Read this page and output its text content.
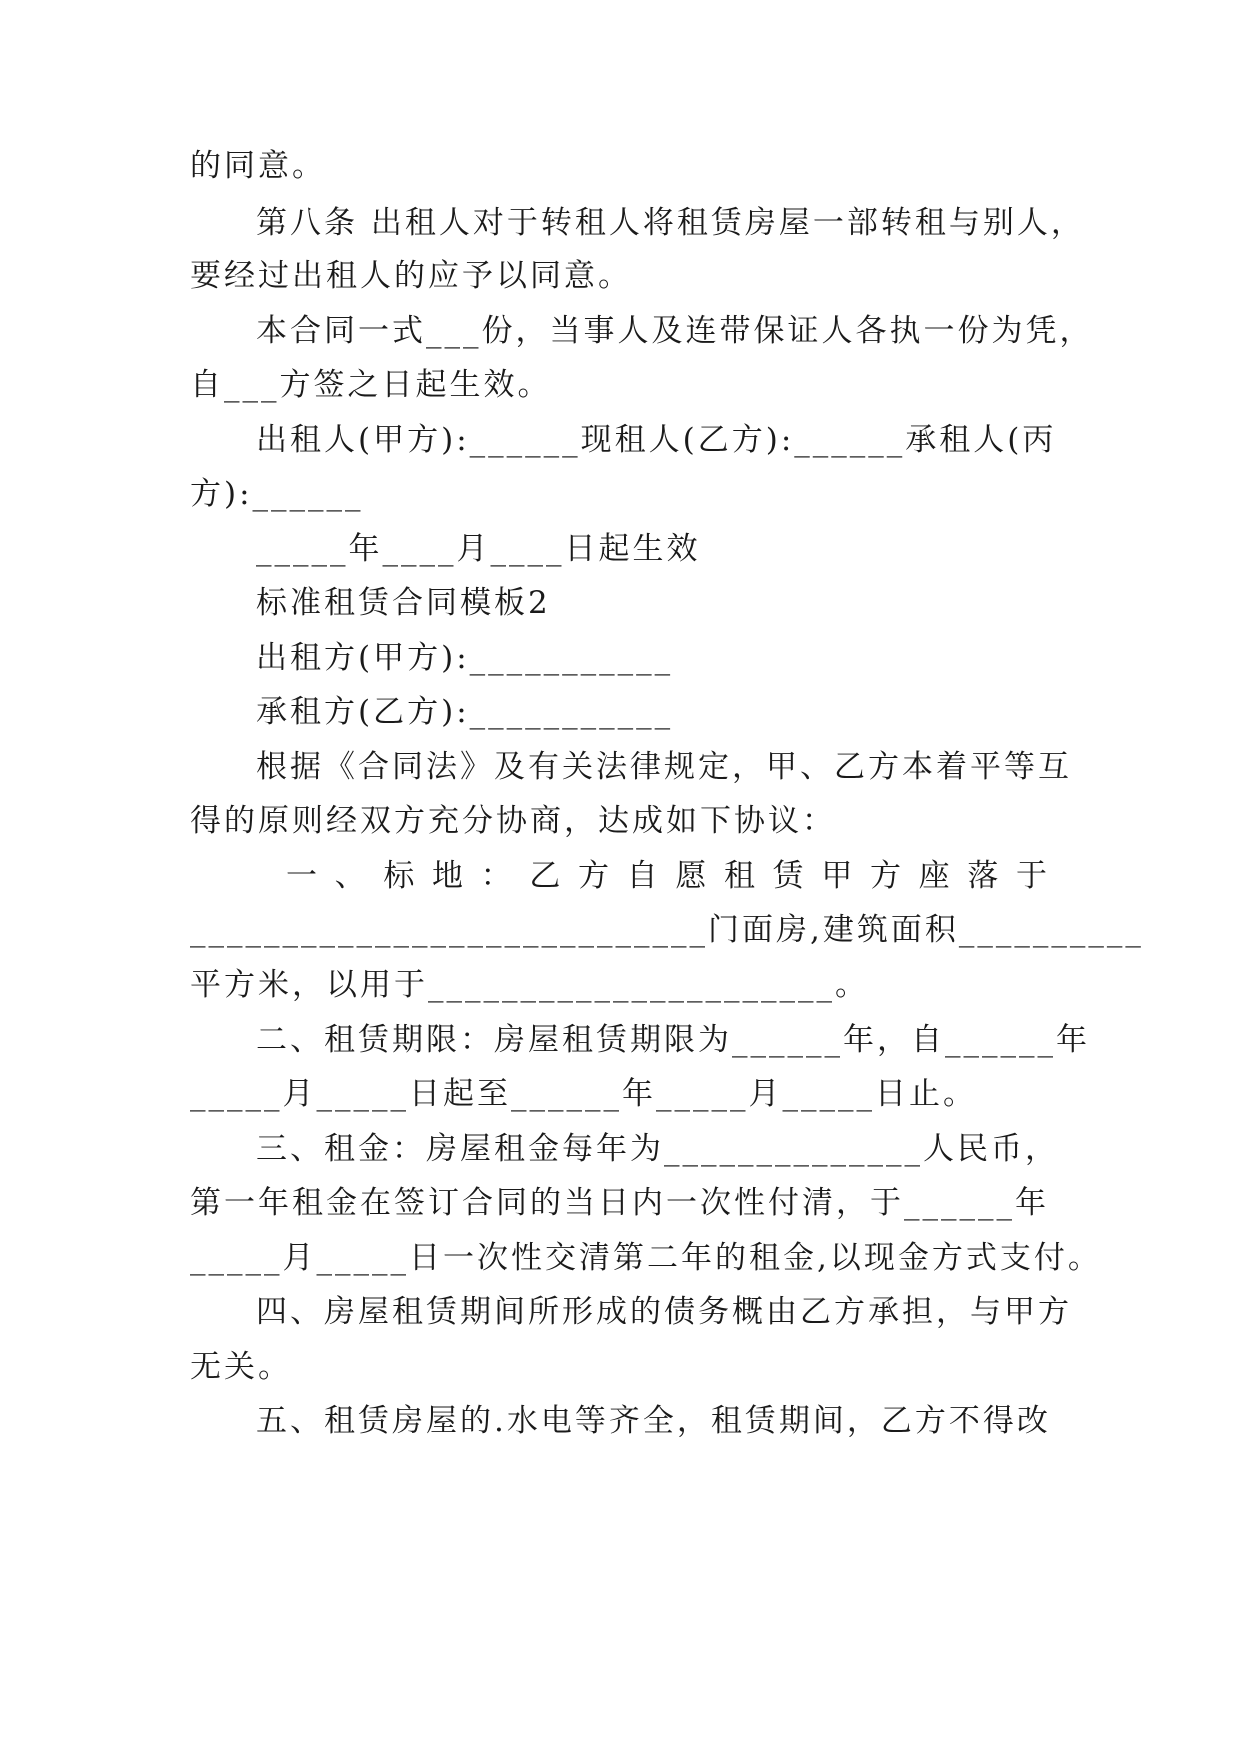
的同意。
第八条 出租人对于转租人将租赁房屋一部转租与别人，
要经过出租人的应予以同意。
本合同一式___份，当事人及连带保证人各执一份为凭，
自___方签之日起生效。
出租人(甲方):______现租人(乙方):______承租人(丙
方):______
_____年____月____日起生效
标准租赁合同模板2
出租方(甲方):___________
承租方(乙方):___________
根据《合同法》及有关法律规定，甲、乙方本着平等互
得的原则经双方充分协商，达成如下协议：
一 、 标 地 ： 乙 方 自 愿 租 赁 甲 方 座 落 于
____________________________门面房,建筑面积__________
平方米，以用于______________________。
二、租赁期限：房屋租赁期限为______年，自______年
_____月_____日起至______年_____月_____日止。
三、租金：房屋租金每年为______________人民币，
第一年租金在签订合同的当日内一次性付清，于______年
_____月_____日一次性交清第二年的租金,以现金方式支付。
四、房屋租赁期间所形成的债务概由乙方承担，与甲方
无关。
五、租赁房屋的.水电等齐全，租赁期间，乙方不得改
